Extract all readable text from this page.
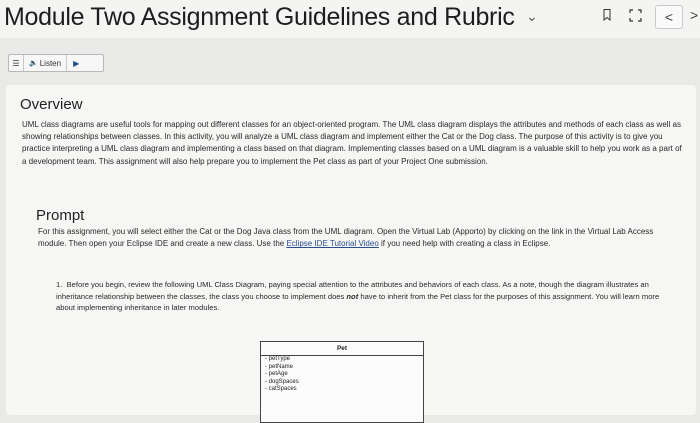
Module Two Assignment Guidelines and Rubric ⌄	<	>
☰	🔈 Listen	▶
Overview
UML class diagrams are useful tools for mapping out different classes for an object-oriented program. The UML class diagram displays the attributes and methods of each class as well as showing relationships between classes. In this activity, you will analyze a UML class diagram and implement either the Cat or the Dog class. The purpose of this activity is to give you practice interpreting a UML class diagram and implementing a class based on that diagram. Implementing classes based on a UML diagram is a valuable skill to help you work as a part of a development team. This assignment will also help prepare you to implement the Pet class as part of your Project One submission.
Prompt
For this assignment, you will select either the Cat or the Dog Java class from the UML diagram. Open the Virtual Lab (Apporto) by clicking on the link in the Virtual Lab Access module. Then open your Eclipse IDE and create a new class. Use the Eclipse IDE Tutorial Video if you need help with creating a class in Eclipse.
1. Before you begin, review the following UML Class Diagram, paying special attention to the attributes and behaviors of each class. As a note, though the diagram illustrates an inheritance relationship between the classes, the class you choose to implement does not have to inherit from the Pet class for the purposes of this assignment. You will learn more about implementing inheritance in later modules.
Pet
- petType
- petName
- petAge
- dogSpaces
- catSpaces
